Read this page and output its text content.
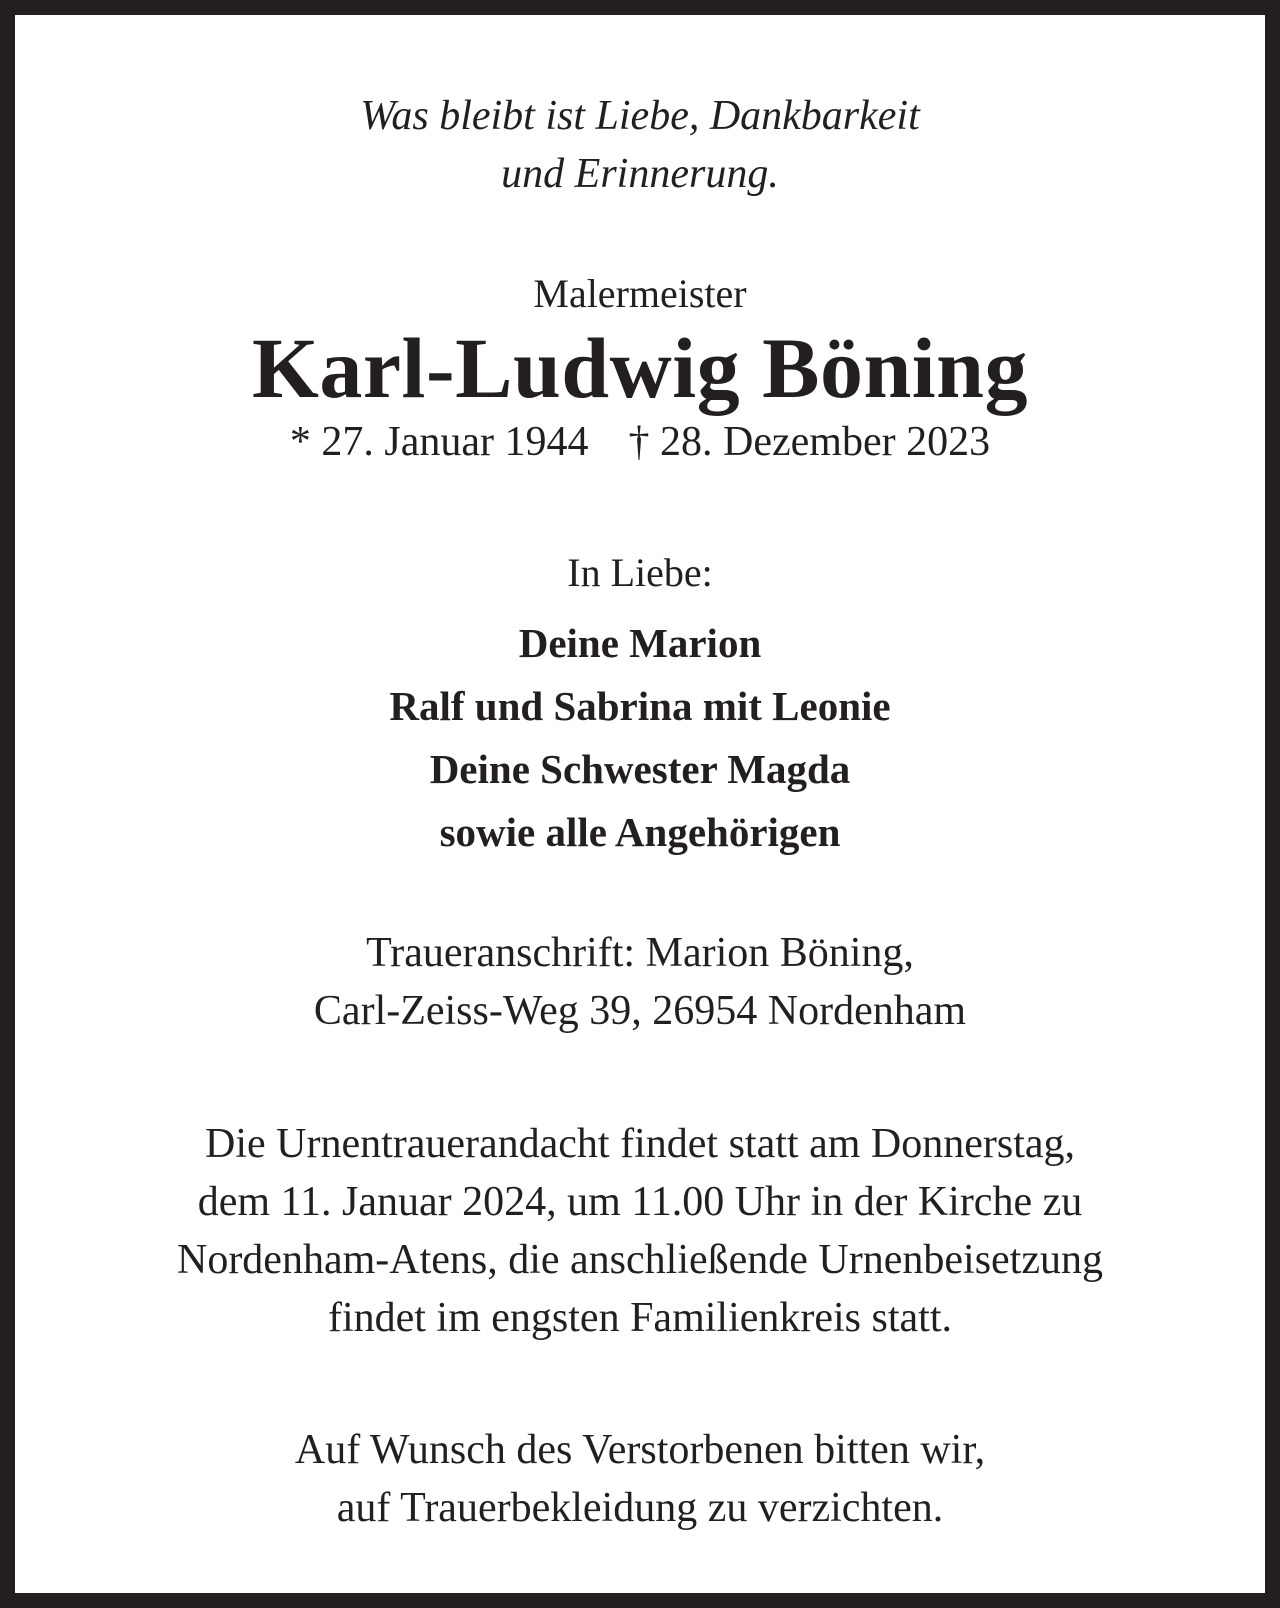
Was bleibt ist Liebe, Dankbarkeit
und Erinnerung.
Malermeister
Karl-Ludwig Böning
* 27. Januar 1944 † 28. Dezember 2023
In Liebe:
Deine Marion
Ralf und Sabrina mit Leonie
Deine Schwester Magda
sowie alle Angehörigen
Traueranschrift: Marion Böning,
Carl-Zeiss-Weg 39, 26954 Nordenham
Die Urnentrauerandacht findet statt am Donnerstag,
dem 11. Januar 2024, um 11.00 Uhr in der Kirche zu
Nordenham-Atens, die anschließende Urnenbeisetzung
findet im engsten Familienkreis statt.
Auf Wunsch des Verstorbenen bitten wir,
auf Trauerbekleidung zu verzichten.
